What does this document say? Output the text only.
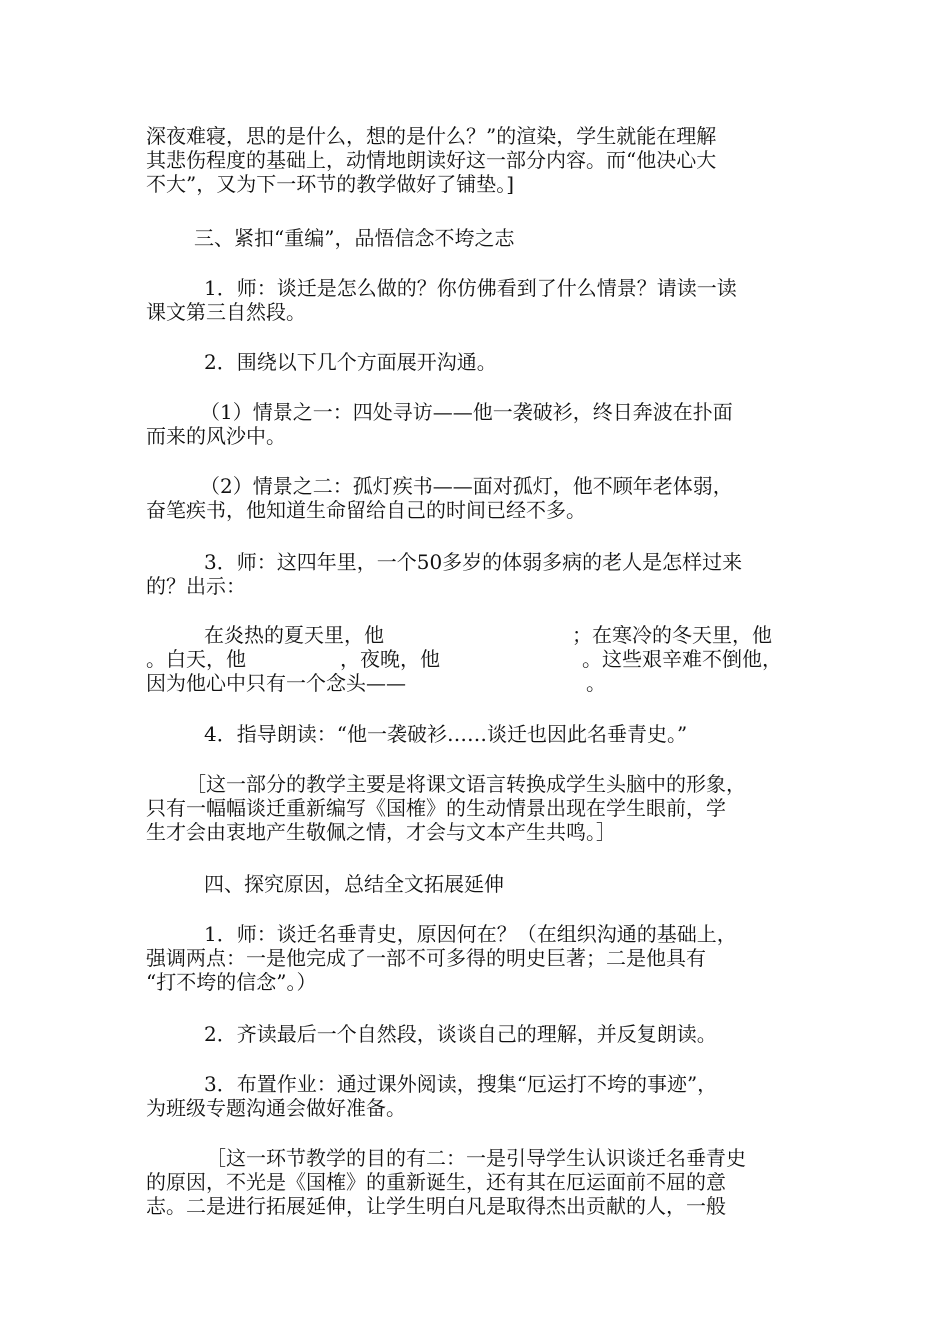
深夜难寝，思的是什么，想的是什么？”的渲染，学生就能在理解
其悲伤程度的基础上，动情地朗读好这一部分内容。而“他决心大
不大”，又为下一环节的教学做好了铺垫。]
三、紧扣“重编”，品悟信念不垮之志
1．师：谈迁是怎么做的？你仿佛看到了什么情景？请读一读
课文第三自然段。
2．围绕以下几个方面展开沟通。
（1）情景之一：四处寻访——他一袭破衫，终日奔波在扑面
而来的风沙中。
（2）情景之二：孤灯疾书——面对孤灯，他不顾年老体弱，
奋笔疾书，他知道生命留给自己的时间已经不多。
3．师：这四年里，一个50多岁的体弱多病的老人是怎样过来
的？出示：
在炎热的夏天里，他	；在寒冷的冬天里，他
。白天，他	，夜晚，他	。这些艰辛难不倒他，
因为他心中只有一个念头——	。
4．指导朗读：“他一袭破衫……谈迁也因此名垂青史。”
［这一部分的教学主要是将课文语言转换成学生头脑中的形象，
只有一幅幅谈迁重新编写《国榷》的生动情景出现在学生眼前，学
生才会由衷地产生敬佩之情，才会与文本产生共鸣。］
四、探究原因，总结全文拓展延伸
1．师：谈迁名垂青史，原因何在？（在组织沟通的基础上，
强调两点：一是他完成了一部不可多得的明史巨著；二是他具有
“打不垮的信念”。）
2．齐读最后一个自然段，谈谈自己的理解，并反复朗读。
3．布置作业：通过课外阅读，搜集“厄运打不垮的事迹”，
为班级专题沟通会做好准备。
［这一环节教学的目的有二：一是引导学生认识谈迁名垂青史
的原因，不光是《国榷》的重新诞生，还有其在厄运面前不屈的意
志。二是进行拓展延伸，让学生明白凡是取得杰出贡献的人，一般
